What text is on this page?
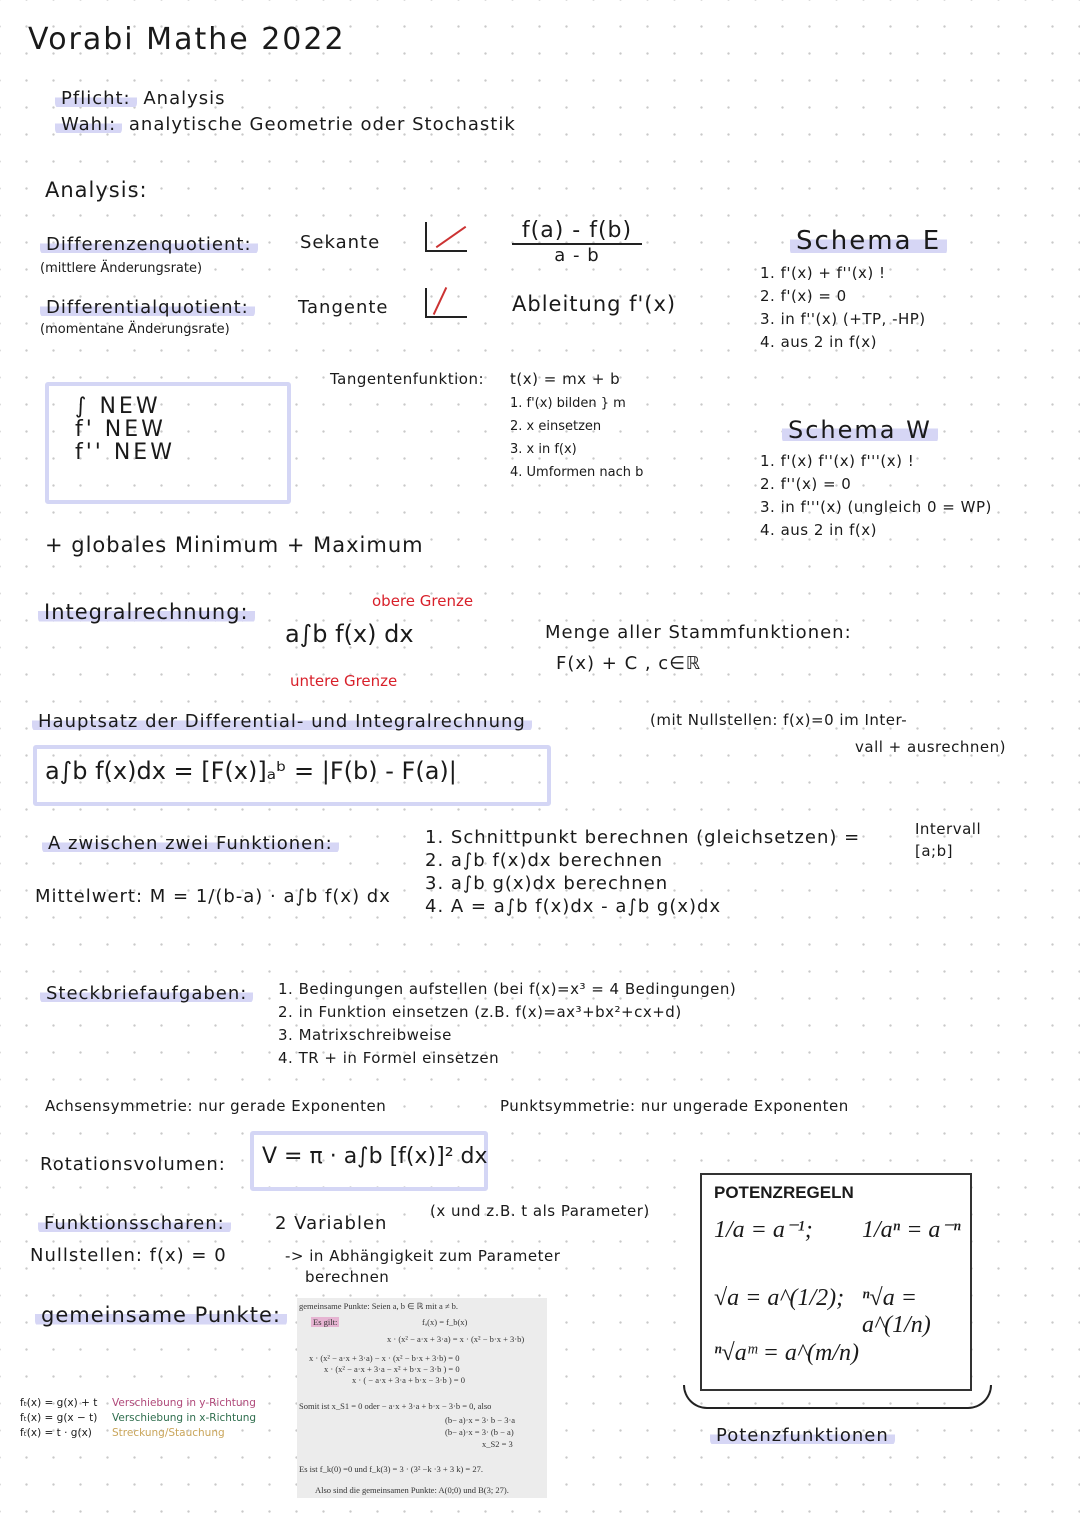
Vorabi Mathe 2022
Pflicht: Analysis
Wahl: analytische Geometrie oder Stochastik
Analysis:
Differenzenquotient:
(mittlere Änderungsrate)
Sekante	f(a) - f(b)
a - b
Differentialquotient:
(momentane Änderungsrate)
Tangente	Ableitung f'(x)
Schema E
1. f'(x) + f''(x) !
2. f'(x) = 0
3. in f''(x) (+TP, -HP)
4. aus 2 in f(x)
∫ NEW
f' NEW
f'' NEW
Tangentenfunktion: t(x) = mx + b
1. f'(x) bilden } m
2. x einsetzen
3. x in f(x)
4. Umformen nach b
Schema W
1. f'(x) f''(x) f'''(x) !
2. f''(x) = 0
3. in f'''(x) (ungleich 0 = WP)
4. aus 2 in f(x)
+ globales Minimum + Maximum
Integralrechnung:	obere Grenze
a∫b f(x) dx
untere Grenze
Menge aller Stammfunktionen:
F(x) + C , c∈ℝ
Hauptsatz der Differential- und Integralrechnung	(mit Nullstellen: f(x)=0 im Inter-
vall + ausrechnen)
a∫b f(x)dx = [F(x)]ₐᵇ = |F(b) - F(a)|
A zwischen zwei Funktionen:	1. Schnittpunkt berechnen (gleichsetzen) =
2. a∫b f(x)dx berechnen
3. a∫b g(x)dx berechnen
4. A = a∫b f(x)dx - a∫b g(x)dx
Intervall
[a;b]
Mittelwert: M = 1/(b-a) · a∫b f(x) dx
Steckbriefaufgaben:	1. Bedingungen aufstellen (bei f(x)=x³ = 4 Bedingungen)
2. in Funktion einsetzen (z.B. f(x)=ax³+bx²+cx+d)
3. Matrixschreibweise
4. TR + in Formel einsetzen
Achsensymmetrie: nur gerade Exponenten	Punktsymmetrie: nur ungerade Exponenten
Rotationsvolumen: V = π · a∫b [f(x)]² dx
Funktionsscharen:	2 Variablen
(x und z.B. t als Parameter)
Nullstellen: f(x) = 0	-> in Abhängigkeit zum Parameter
berechnen
POTENZREGELN
1/a = a⁻¹; 1/aⁿ = a⁻ⁿ
√a = a^(1/2); ⁿ√a = a^(1/n)
ⁿ√aᵐ = a^(m/n)
Potenzfunktionen
gemeinsame Punkte:	gemeinsame Punkte: Seien a, b ∈ ℝ mit a ≠ b.
Es gilt:	fₐ(x) = f_b(x)
x · (x² − a·x + 3·a) = x · (x² − b·x + 3·b)
x · (x² − a·x + 3·a) − x · (x² − b·x + 3·b) = 0
x · (x² − a·x + 3·a − x² + b·x − 3·b ) = 0
x · ( − a·x + 3·a + b·x − 3·b ) = 0
Somit ist x_S1 = 0 oder − a·x + 3·a + b·x − 3·b = 0, also
(b− a)·x = 3· b − 3·a
(b− a)·x = 3· (b − a)
x_S2 = 3
Es ist f_k(0) =0 und f_k(3) = 3 · (3² −k ·3 + 3 k) = 27.
Also sind die gemeinsamen Punkte: A(0;0) und B(3; 27).
fₜ(x) = g(x) + t Verschiebung in y-Richtung
fₜ(x) = g(x − t) Verschiebung in x-Richtung
fₜ(x) = t · g(x) Streckung/Stauchung
